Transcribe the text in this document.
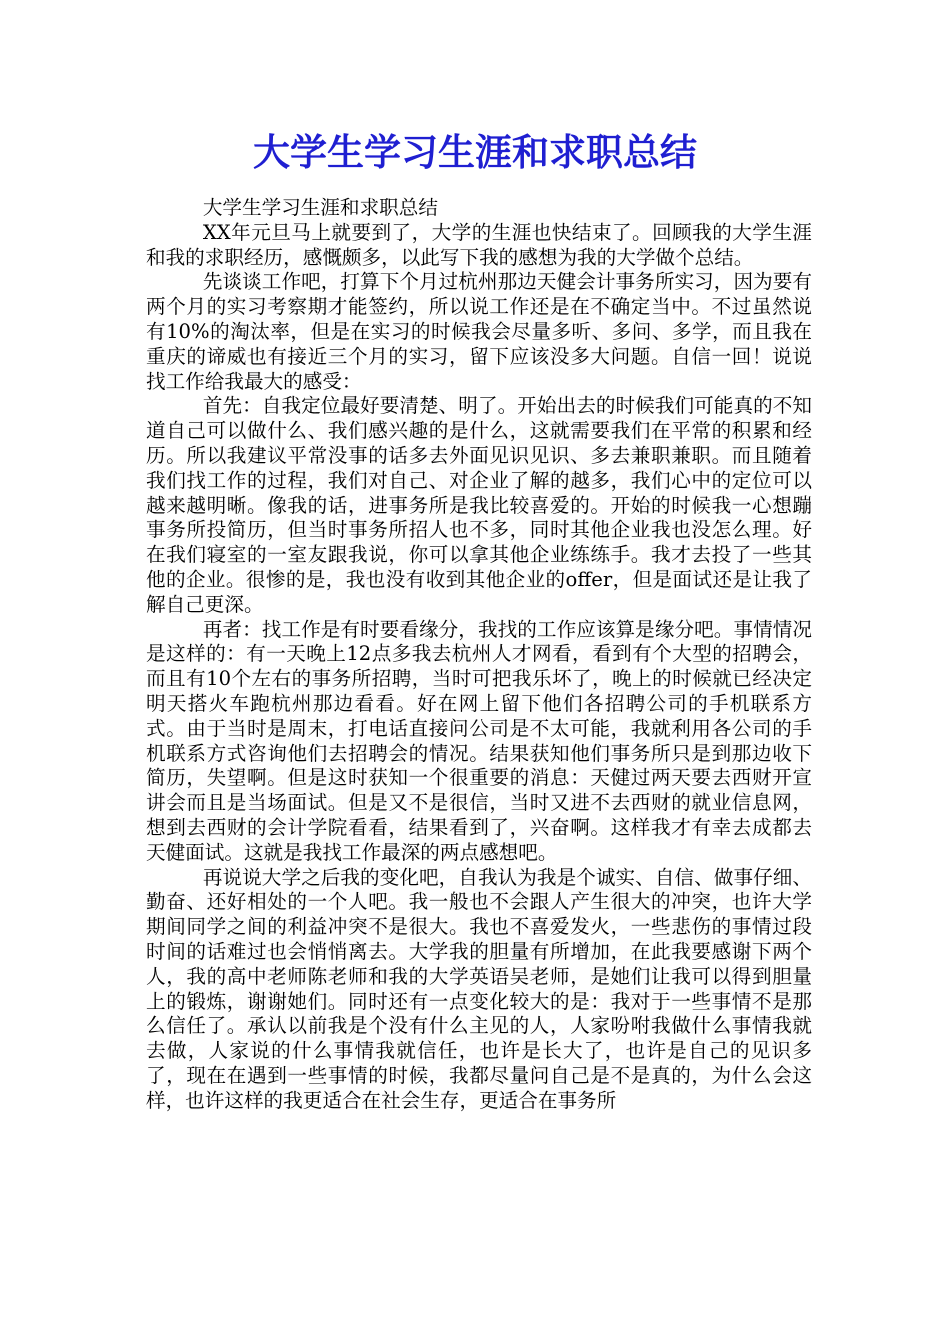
大学生学习生涯和求职总结

大学生学习生涯和求职总结

XX年元旦马上就要到了，大学的生涯也快结束了。回顾我的大学生涯和我的求职经历，感慨颇多，以此写下我的感想为我的大学做个总结。

先谈谈工作吧，打算下个月过杭州那边天健会计事务所实习，因为要有两个月的实习考察期才能签约，所以说工作还是在不确定当中。不过虽然说有10%的淘汰率，但是在实习的时候我会尽量多听、多问、多学，而且我在重庆的谛威也有接近三个月的实习，留下应该没多大问题。自信一回！说说找工作给我最大的感受：

首先：自我定位最好要清楚、明了。开始出去的时候我们可能真的不知道自己可以做什么、我们感兴趣的是什么，这就需要我们在平常的积累和经历。所以我建议平常没事的话多去外面见识见识、多去兼职兼职。而且随着我们找工作的过程，我们对自己、对企业了解的越多，我们心中的定位可以越来越明晰。像我的话，进事务所是我比较喜爱的。开始的时候我一心想蹦事务所投简历，但当时事务所招人也不多，同时其他企业我也没怎么理。好在我们寝室的一室友跟我说，你可以拿其他企业练练手。我才去投了一些其他的企业。很惨的是，我也没有收到其他企业的offer，但是面试还是让我了解自己更深。

再者：找工作是有时要看缘分，我找的工作应该算是缘分吧。事情情况是这样的：有一天晚上12点多我去杭州人才网看，看到有个大型的招聘会，而且有10个左右的事务所招聘，当时可把我乐坏了，晚上的时候就已经决定明天搭火车跑杭州那边看看。好在网上留下他们各招聘公司的手机联系方式。由于当时是周末，打电话直接问公司是不太可能，我就利用各公司的手机联系方式咨询他们去招聘会的情况。结果获知他们事务所只是到那边收下简历，失望啊。但是这时获知一个很重要的消息：天健过两天要去西财开宣讲会而且是当场面试。但是又不是很信，当时又进不去西财的就业信息网，想到去西财的会计学院看看，结果看到了，兴奋啊。这样我才有幸去成都去天健面试。这就是我找工作最深的两点感想吧。

再说说大学之后我的变化吧，自我认为我是个诚实、自信、做事仔细、勤奋、还好相处的一个人吧。我一般也不会跟人产生很大的冲突，也许大学期间同学之间的利益冲突不是很大。我也不喜爱发火，一些悲伤的事情过段时间的话难过也会悄悄离去。大学我的胆量有所增加，在此我要感谢下两个人，我的高中老师陈老师和我的大学英语吴老师，是她们让我可以得到胆量上的锻炼，谢谢她们。同时还有一点变化较大的是：我对于一些事情不是那么信任了。承认以前我是个没有什么主见的人，人家吩咐我做什么事情我就去做，人家说的什么事情我就信任，也许是长大了，也许是自己的见识多了，现在在遇到一些事情的时候，我都尽量问自己是不是真的，为什么会这样，也许这样的我更适合在社会生存，更适合在事务所
